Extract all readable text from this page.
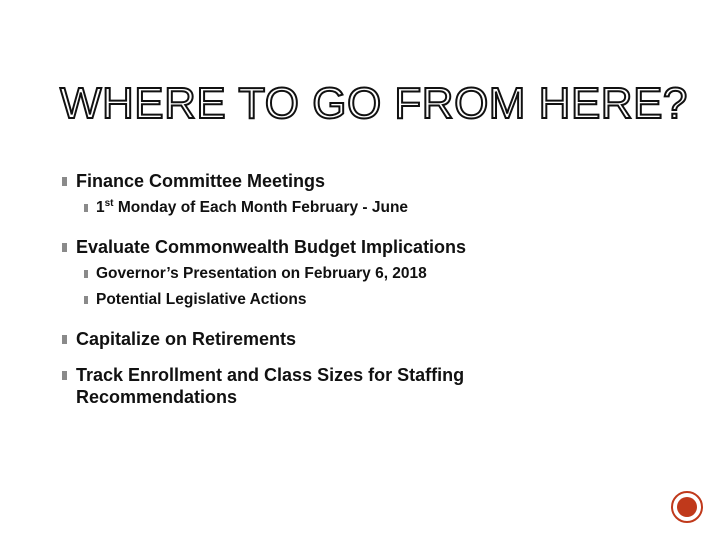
WHERE TO GO FROM HERE?
Finance Committee Meetings
1st Monday of Each Month February - June
Evaluate Commonwealth Budget Implications
Governor’s Presentation on February 6, 2018
Potential Legislative Actions
Capitalize on Retirements
Track Enrollment and Class Sizes for Staffing Recommendations
